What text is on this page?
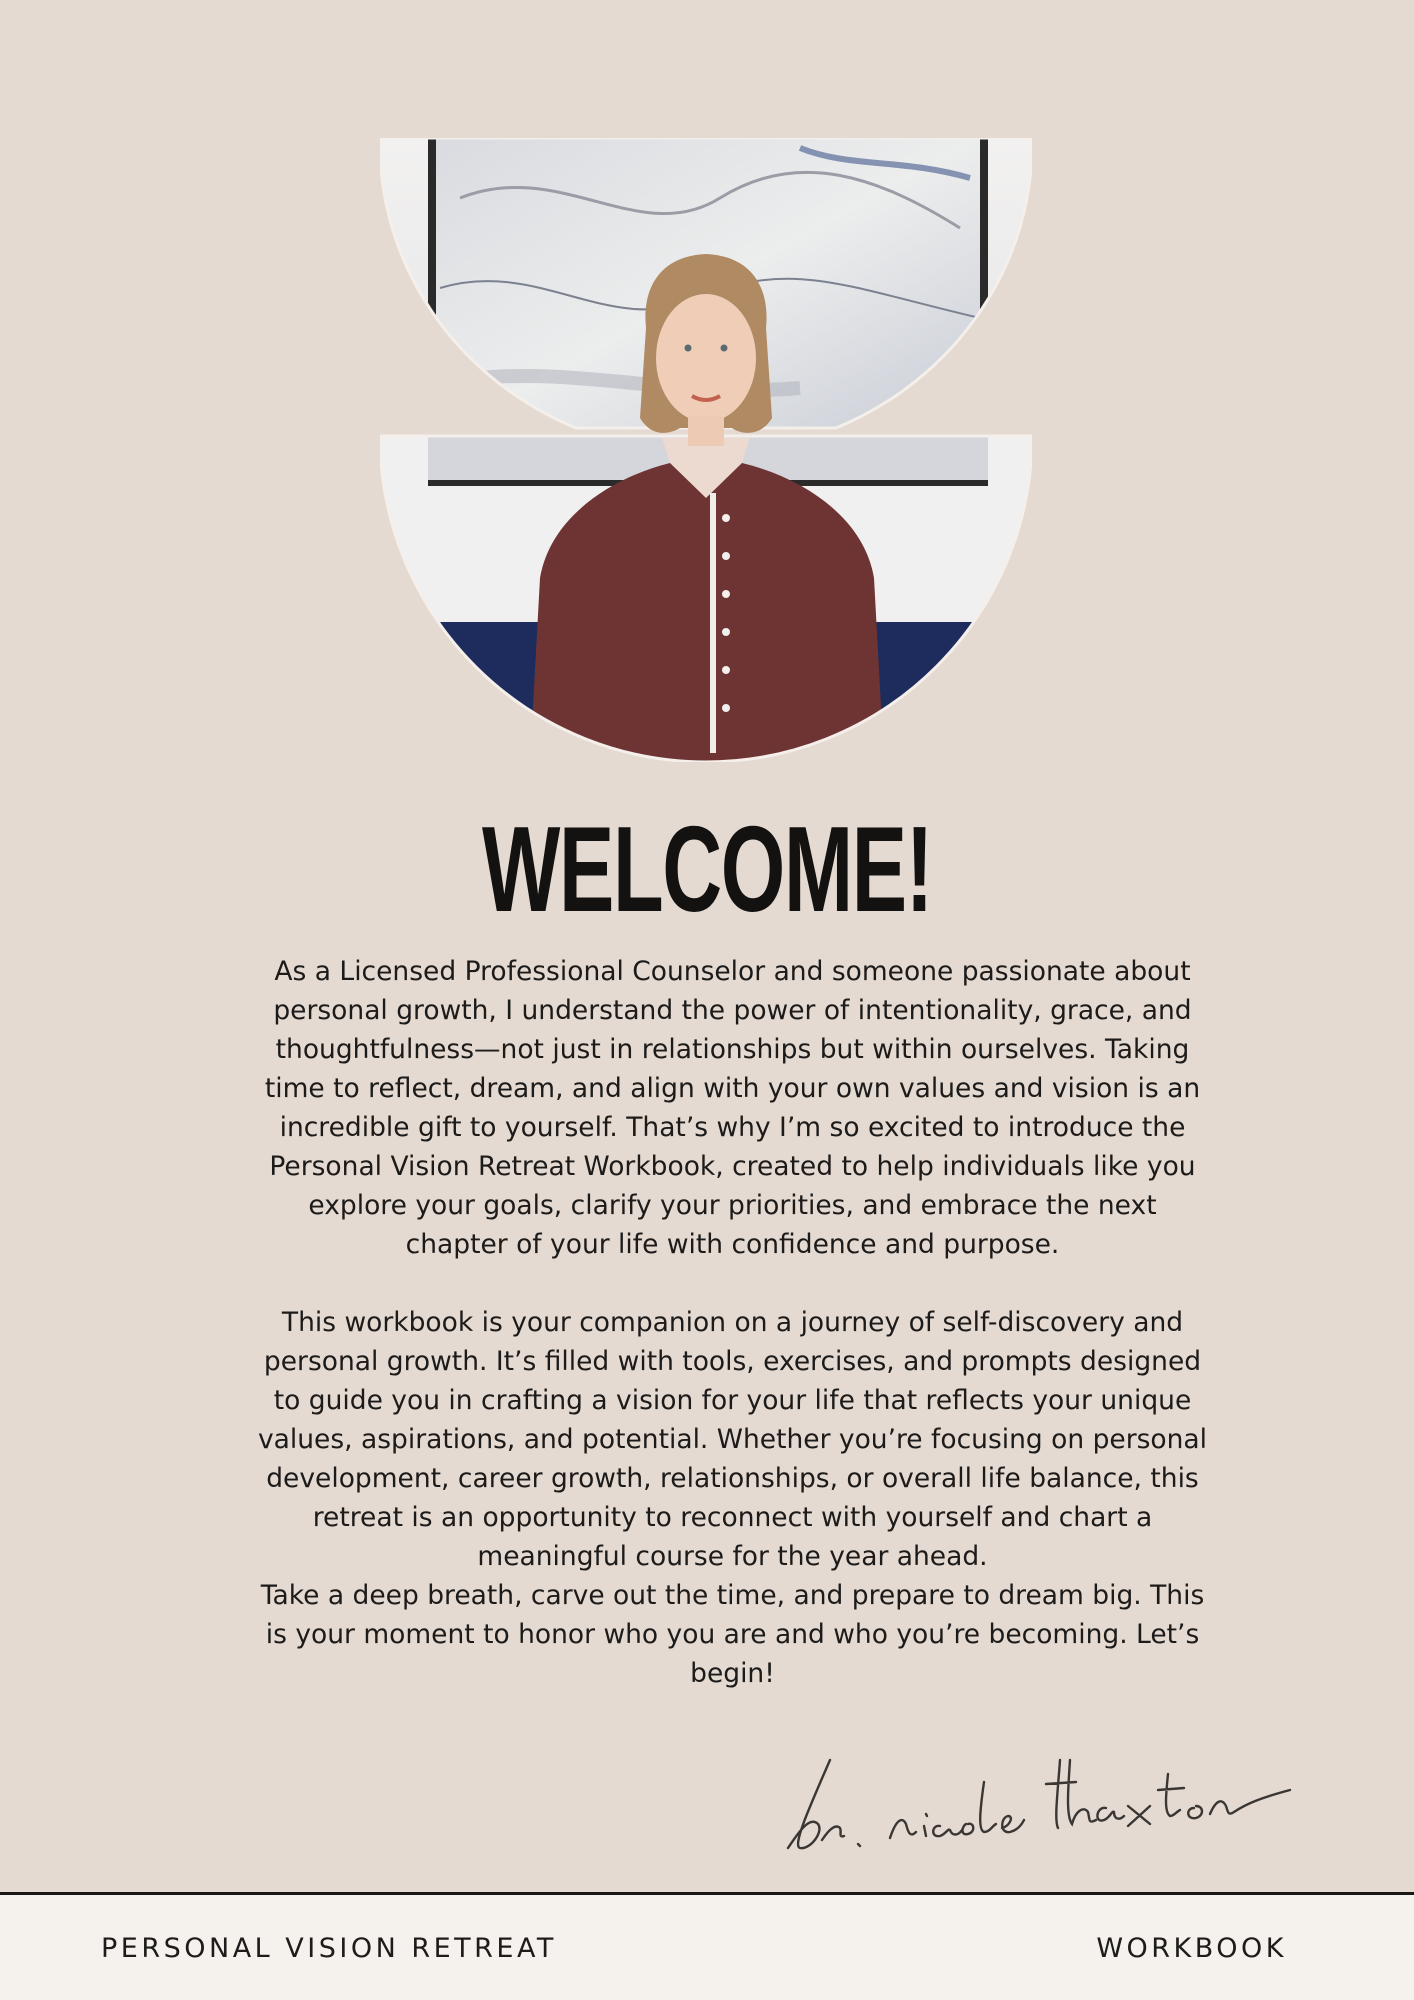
WELCOME!

As a Licensed Professional Counselor and someone passionate about personal growth, I understand the power of intentionality, grace, and thoughtfulness—not just in relationships but within ourselves. Taking time to reflect, dream, and align with your own values and vision is an incredible gift to yourself. That’s why I’m so excited to introduce the Personal Vision Retreat Workbook, created to help individuals like you explore your goals, clarify your priorities, and embrace the next chapter of your life with confidence and purpose.

This workbook is your companion on a journey of self-discovery and personal growth. It’s filled with tools, exercises, and prompts designed to guide you in crafting a vision for your life that reflects your unique values, aspirations, and potential. Whether you’re focusing on personal development, career growth, relationships, or overall life balance, this retreat is an opportunity to reconnect with yourself and chart a meaningful course for the year ahead.

Take a deep breath, carve out the time, and prepare to dream big. This is your moment to honor who you are and who you’re becoming. Let’s begin!

PERSONAL VISION RETREAT	WORKBOOK
